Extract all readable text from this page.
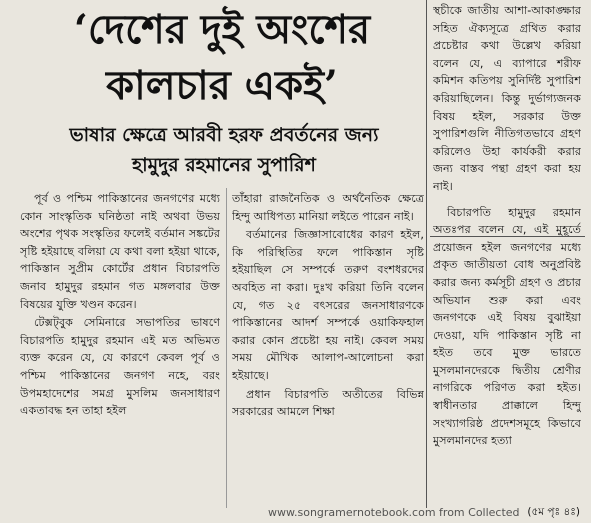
‘দেশের দুই অংশের
কালচার একই’
ভাষার ক্ষেত্রে আরবী হরফ প্রবর্তনের জন্য
হামুদুর রহমানের সুপারিশ

পূর্ব ও পশ্চিম পাকিস্তানের জনগণের মধ্যে কোন সাংস্কৃতিক ঘনিষ্ঠতা নাই অথবা উভয় অংশের পৃথক সংস্কৃতির ফলেই বর্তমান সঙ্কটের সৃষ্টি হইয়াছে বলিয়া যে কথা বলা হইয়া থাকে, পাকিস্তান সুপ্রীম কোর্টের প্রধান বিচারপতি জনাব হামুদুর রহমান গত মঙ্গলবার উক্ত বিষয়ের যুক্তি খণ্ডন করেন।

টেক্সট্‌বুক সেমিনারে সভাপতির ভাষণে বিচারপতি হামুদুর রহমান এই মত অভিমত ব্যক্ত করেন যে, যে কারণে কেবল পূর্ব ও পশ্চিম পাকিস্তানের জনগণ নহে, বরং উপমহাদেশের সমগ্র মুসলিম জনসাধারণ একতাবদ্ধ হন তাহা হইল

তাঁহারা রাজনৈতিক ও অর্থনৈতিক ক্ষেত্রে হিন্দু আধিপত্য মানিয়া লইতে পারেন নাই।

বর্তমানের জিজ্ঞাসাবোধের কারণ হইল, কি পরিস্থিতির ফলে পাকিস্তান সৃষ্টি হইয়াছিল সে সম্পর্কে তরুণ বংশধরদের অবহিত না করা। দুঃখ করিয়া তিনি বলেন যে, গত ২৫ বৎসরের জনসাধারণকে পাকিস্তানের আদর্শ সম্পর্কে ওয়াকিফহাল করার কোন প্রচেষ্টা হয় নাই। কেবল সময় সময় মৌখিক আলাপ-আলোচনা করা হইয়াছে।

প্রধান বিচারপতি অতীতের বিভিন্ন সরকারের আমলে শিক্ষা

স্থচীকে জাতীয় আশা-আকাঙ্ক্ষার সহিত ঐক্যসূত্রে গ্রথিত করার প্রচেষ্টার কথা উল্লেখ করিয়া বলেন যে, এ ব্যাপারে শরীফ কমিশন কতিপয় সুনির্দিষ্ট সুপারিশ করিয়াছিলেন। কিন্তু দুর্ভাগ্যজনক বিষয় হইল, সরকার উক্ত সুপারিশগুলি নীতিগতভাবে গ্রহণ করিলেও উহা কার্যকরী করার জন্য বাস্তব পন্থা গ্রহণ করা হয় নাই।

বিচারপতি হামুদুর রহমান অতঃপর বলেন যে, এই মুহূর্তে প্রয়োজন হইল জনগণের মধ্যে প্রকৃত জাতীয়তা বোধ অনুপ্রবিষ্ট করার জন্য কর্মসূচী গ্রহণ ও প্রচার অভিযান শুরু করা এবং জনগণকে এই বিষয় বুঝাইয়া দেওয়া, যদি পাকিস্তান সৃষ্টি না হইত তবে মুক্ত ভারতে মুসলমানদেরকে দ্বিতীয় শ্রেণীর নাগরিকে পরিণত করা হইত। স্বাধীনতার প্রাক্কালে হিন্দু সংখ্যাগরিষ্ঠ প্রদেশসমূহে কিভাবে মুসলমানদের হত্যা

(৫ম পৃঃ ৪ঃ)
www.songramernotebook.com from Collected
